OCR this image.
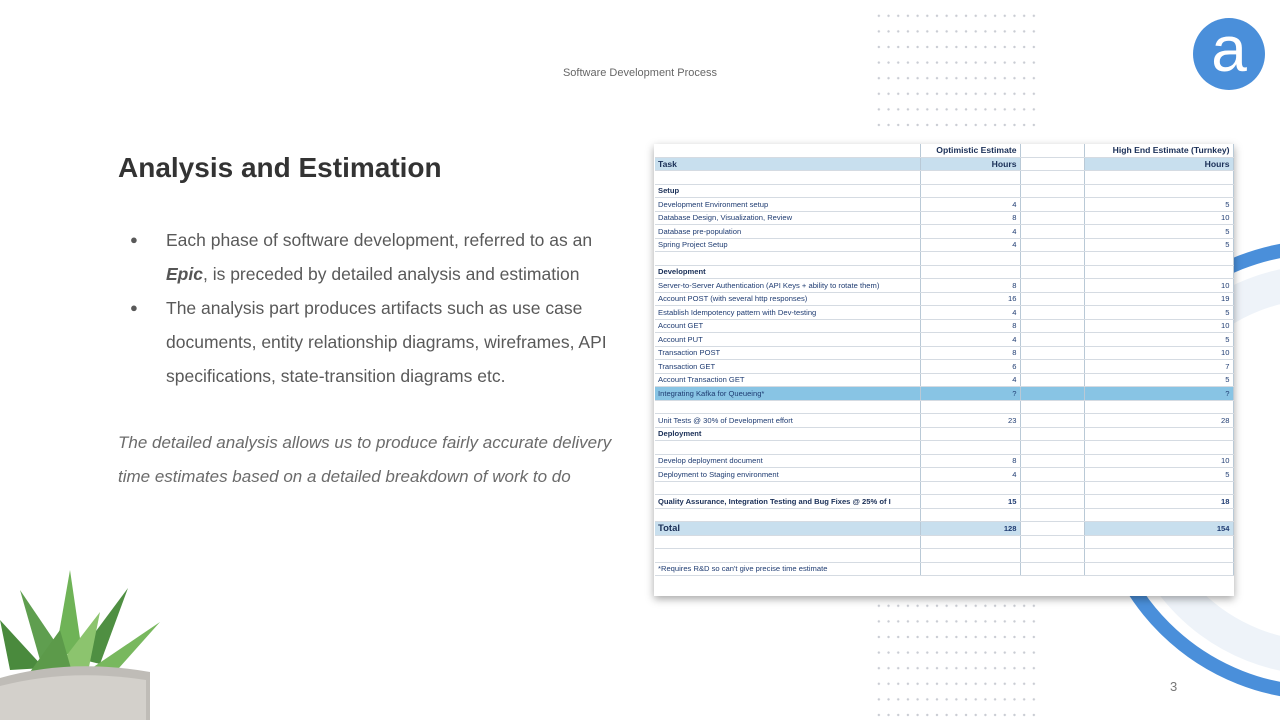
a
Software Development Process
Analysis and Estimation
● Each phase of software development, referred to as an Epic, is preceded by detailed analysis and estimation
● The analysis part produces artifacts such as use case documents, entity relationship diagrams, wireframes, API specifications, state-transition diagrams etc.
The detailed analysis allows us to produce fairly accurate delivery time estimates based on a detailed breakdown of work to do
	Optimistic Estimate		High End Estimate (Turnkey)
Task	Hours		Hours

Setup			
Development Environment setup	4		5
Database Design, Visualization, Review	8		10
Database pre-population	4		5
Spring Project Setup	4		5

Development			
Server-to-Server Authentication (API Keys + ability to rotate them)	8		10
Account POST (with several http responses)	16		19
Establish Idempotency pattern with Dev-testing	4		5
Account GET	8		10
Account PUT	4		5
Transaction POST	8		10
Transaction GET	6		7
Account Transaction GET	4		5
Integrating Kafka for Queueing*	?		?

Unit Tests @ 30% of Development effort	23		28
Deployment			

Develop deployment document	8		10
Deployment to Staging environment	4		5

Quality Assurance, Integration Testing and Bug Fixes @ 25% of I	15		18

Total	128		154

*Requires R&D so can't give precise time estimate			
3
